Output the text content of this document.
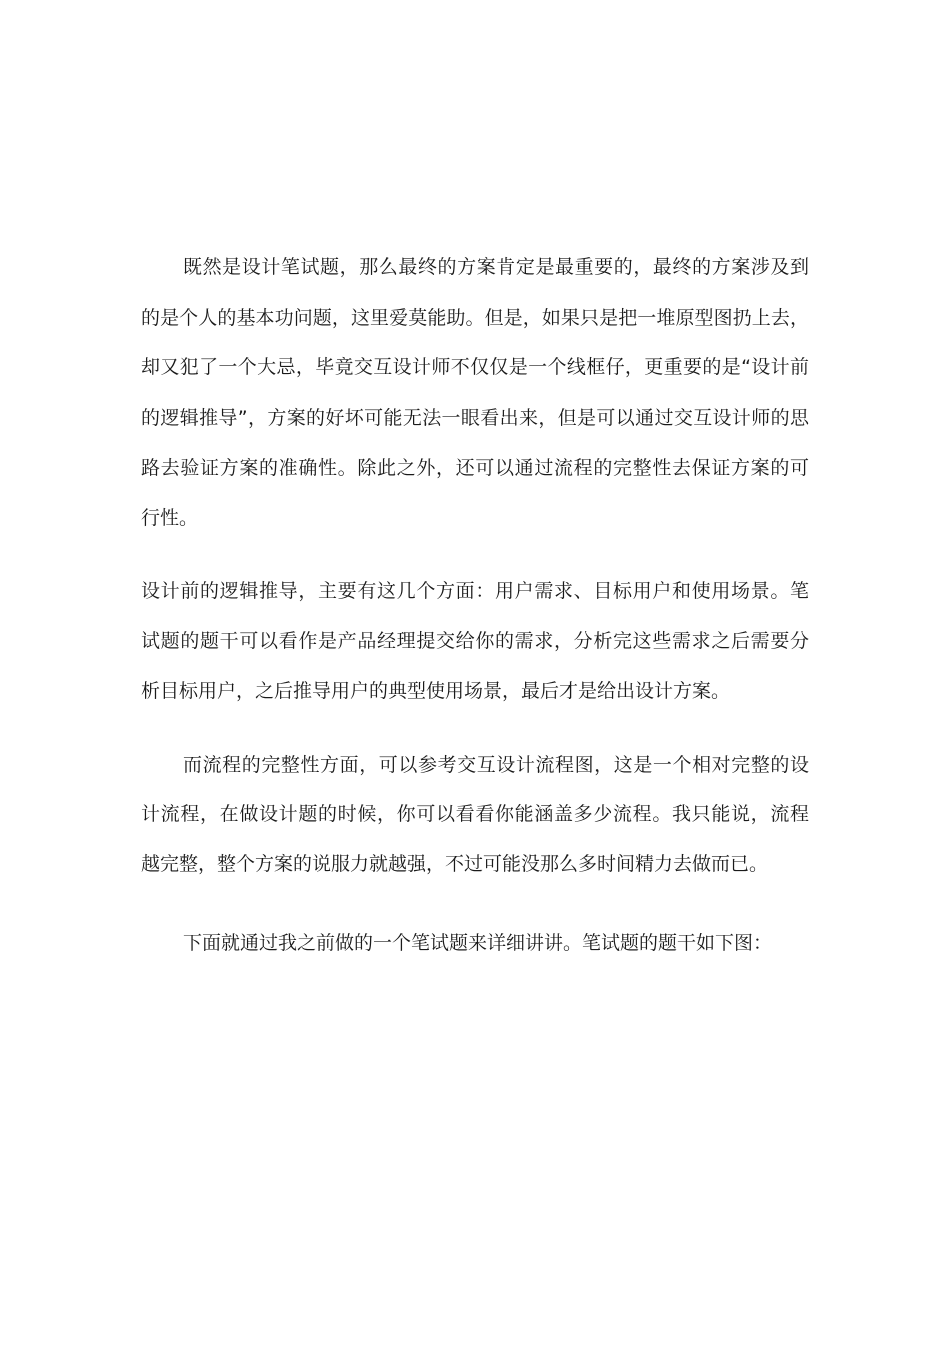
既然是设计笔试题，那么最终的方案肯定是最重要的，最终的方案涉及到
的是个人的基本功问题，这里爱莫能助。但是，如果只是把一堆原型图扔上去，
却又犯了一个大忌，毕竟交互设计师不仅仅是一个线框仔，更重要的是“设计前
的逻辑推导”，方案的好坏可能无法一眼看出来，但是可以通过交互设计师的思
路去验证方案的准确性。除此之外，还可以通过流程的完整性去保证方案的可
行性。
设计前的逻辑推导，主要有这几个方面：用户需求、目标用户和使用场景。笔
试题的题干可以看作是产品经理提交给你的需求，分析完这些需求之后需要分
析目标用户，之后推导用户的典型使用场景，最后才是给出设计方案。
而流程的完整性方面，可以参考交互设计流程图，这是一个相对完整的设
计流程，在做设计题的时候，你可以看看你能涵盖多少流程。我只能说，流程
越完整，整个方案的说服力就越强，不过可能没那么多时间精力去做而已。
下面就通过我之前做的一个笔试题来详细讲讲。笔试题的题干如下图：
